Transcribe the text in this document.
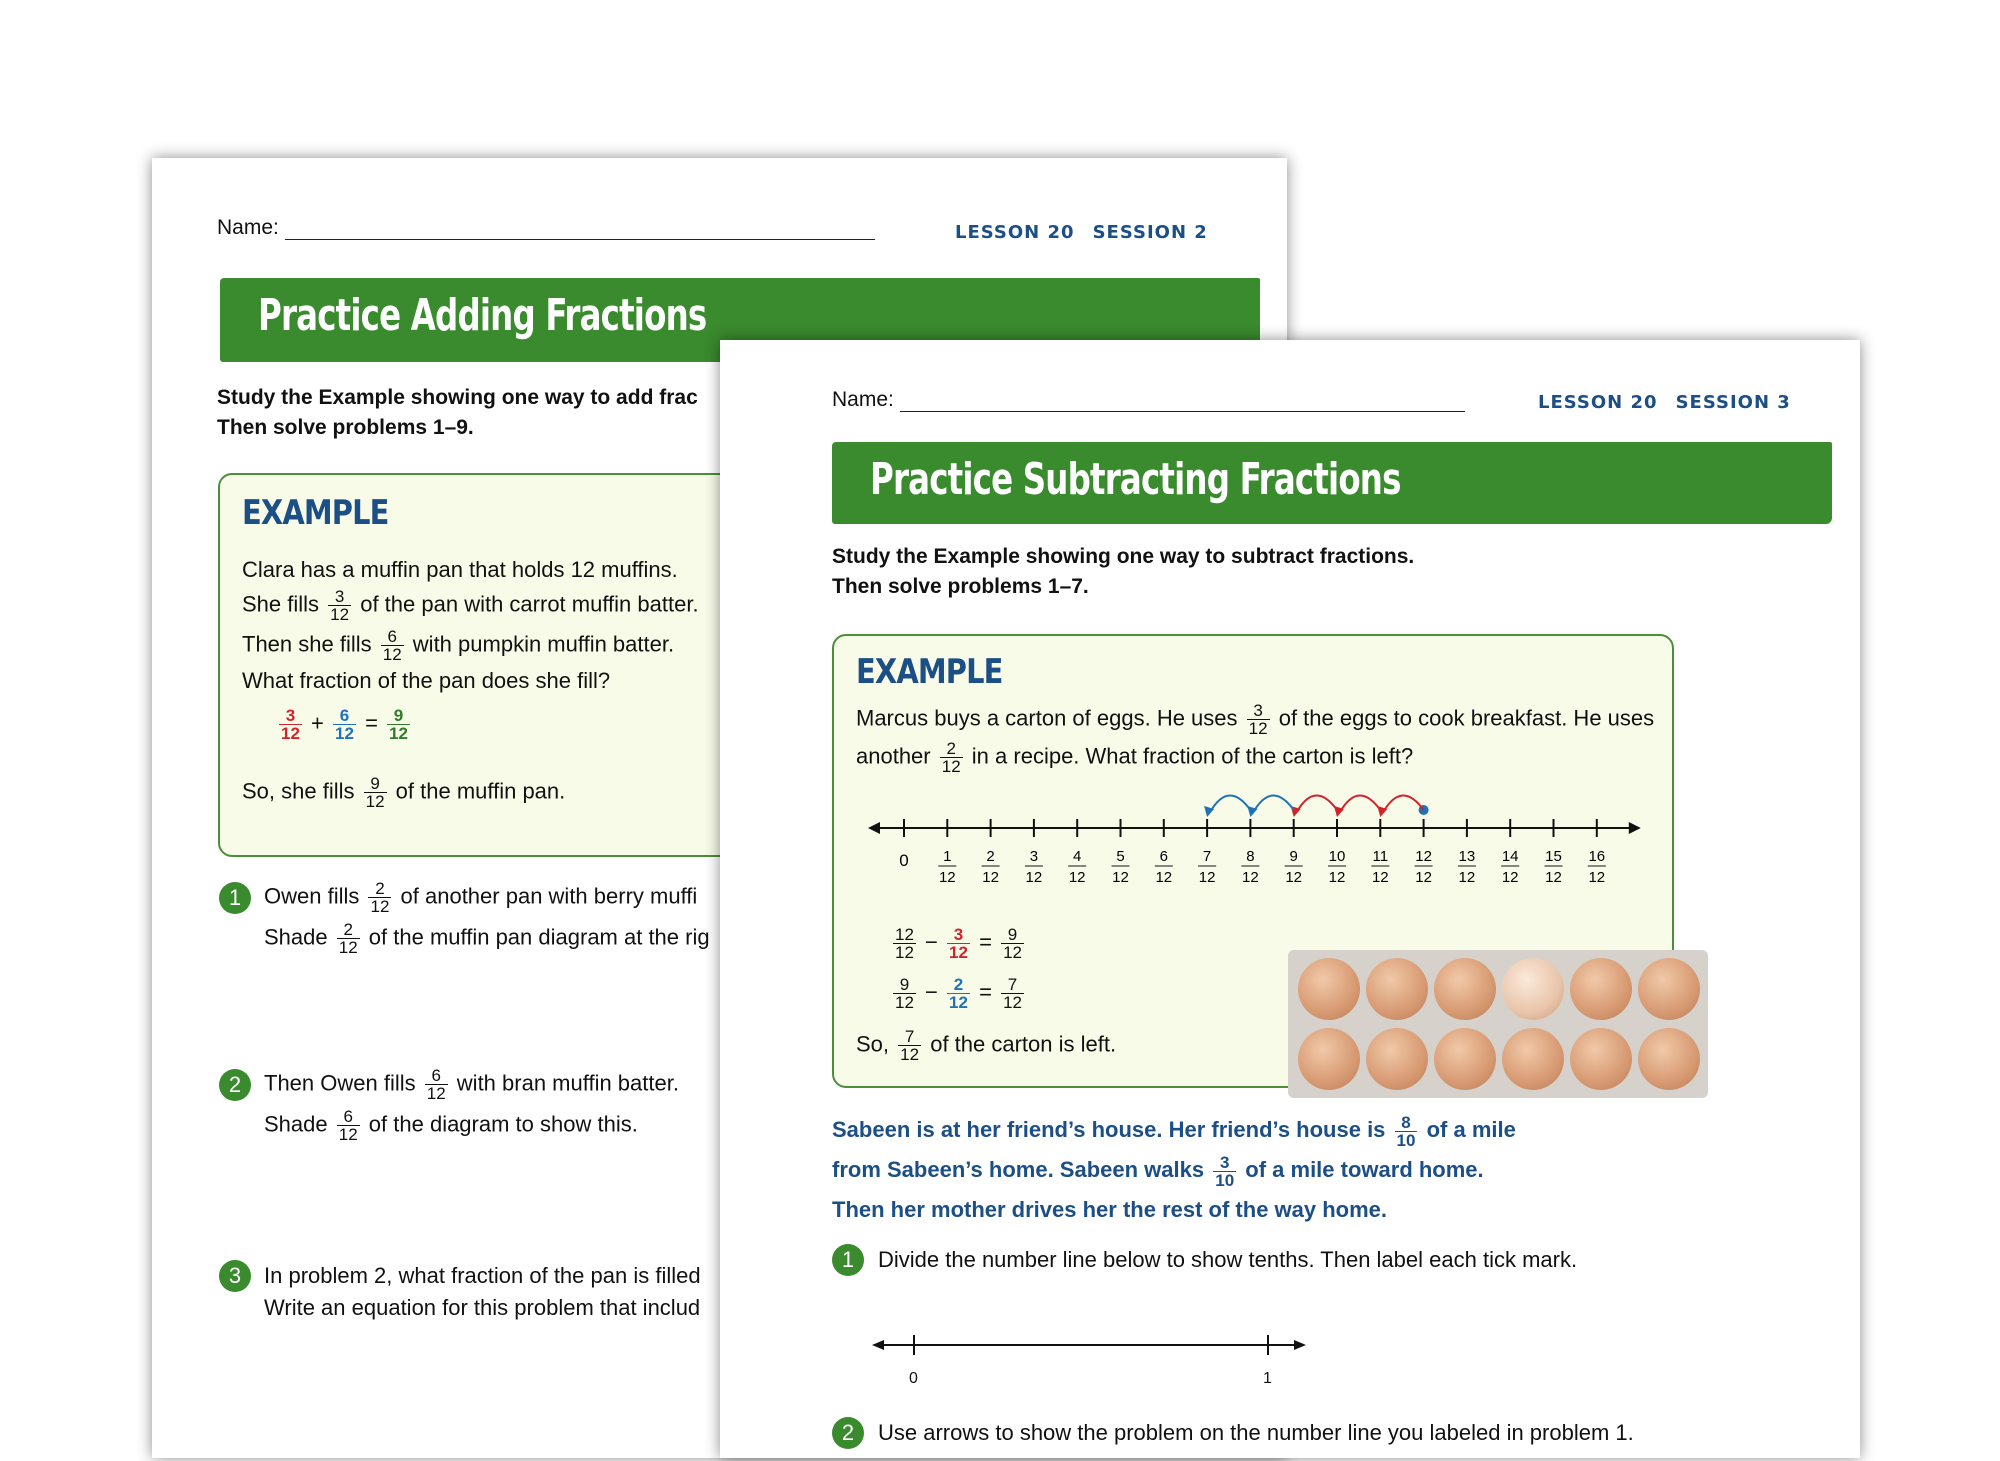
Name:	LESSON 20 SESSION 2
Practice Adding Fractions
Study the Example showing one way to add frac
Then solve problems 1–9.
EXAMPLE
Clara has a muffin pan that holds 12 muffins.
She fills $\frac{3}{12}$ of the pan with carrot muffin batter.
Then she fills $\frac{6}{12}$ with pumpkin muffin batter.
What fraction of the pan does she fill?
$\frac{3}{12} + \frac{6}{12} = \frac{9}{12}$
So, she fills $\frac{9}{12}$ of the muffin pan.
1	Owen fills $\frac{2}{12}$ of another pan with berry muffi
Shade $\frac{2}{12}$ of the muffin pan diagram at the rig
2	Then Owen fills $\frac{6}{12}$ with bran muffin batter.
Shade $\frac{6}{12}$ of the diagram to show this.
3	In problem 2, what fraction of the pan is filled
Write an equation for this problem that includ
Name:	LESSON 20 SESSION 3
Practice Subtracting Fractions
Study the Example showing one way to subtract fractions.
Then solve problems 1–7.
EXAMPLE
Marcus buys a carton of eggs. He uses $\frac{3}{12}$ of the eggs to cook breakfast. He uses
another $\frac{2}{12}$ in a recipe. What fraction of the carton is left?
0 1
12
2
12
3
12
4
12
5
12
6
12
7
12
8
12
9
12
10
12
11
12
12
12
13
12
14
12
15
12
16
12
$\frac{12}{12} - \frac{3}{12} = \frac{9}{12}$
$\frac{9}{12} - \frac{2}{12} = \frac{7}{12}$
So, $\frac{7}{12}$ of the carton is left.
Sabeen is at her friend’s house. Her friend’s house is $\frac{8}{10}$ of a mile
from Sabeen’s home. Sabeen walks $\frac{3}{10}$ of a mile toward home.
Then her mother drives her the rest of the way home.
1	Divide the number line below to show tenths. Then label each tick mark.
0	1
2	Use arrows to show the problem on the number line you labeled in problem 1.
